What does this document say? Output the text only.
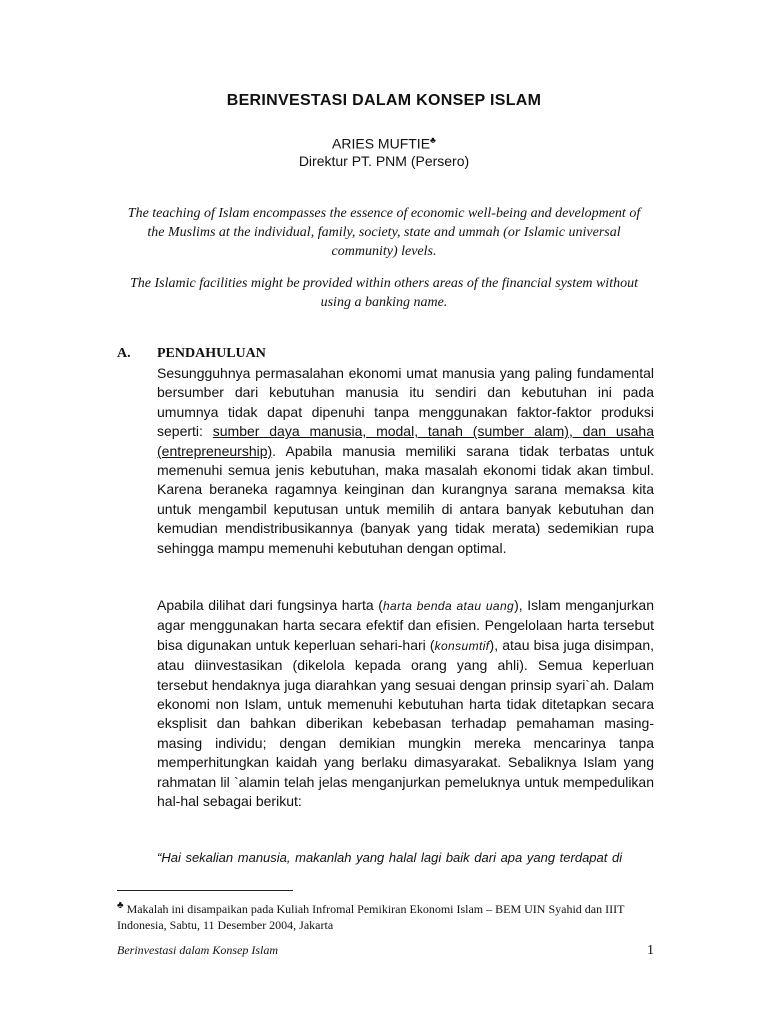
BERINVESTASI DALAM KONSEP ISLAM
ARIES MUFTIE♣
Direktur PT. PNM (Persero)
The teaching of Islam encompasses the essence of economic well-being and development of the Muslims at the individual, family, society, state and ummah (or Islamic universal community) levels.
The Islamic facilities might be provided within others areas of the financial system without using a banking name.
A. PENDAHULUAN
Sesungguhnya permasalahan ekonomi umat manusia yang paling fundamental bersumber dari kebutuhan manusia itu sendiri dan kebutuhan ini pada umumnya tidak dapat dipenuhi tanpa menggunakan faktor-faktor produksi seperti: sumber daya manusia, modal, tanah (sumber alam), dan usaha (entrepreneurship). Apabila manusia memiliki sarana tidak terbatas untuk memenuhi semua jenis kebutuhan, maka masalah ekonomi tidak akan timbul. Karena beraneka ragamnya keinginan dan kurangnya sarana memaksa kita untuk mengambil keputusan untuk memilih di antara banyak kebutuhan dan kemudian mendistribusikannya (banyak yang tidak merata) sedemikian rupa sehingga mampu memenuhi kebutuhan dengan optimal.
Apabila dilihat dari fungsinya harta (harta benda atau uang), Islam menganjurkan agar menggunakan harta secara efektif dan efisien. Pengelolaan harta tersebut bisa digunakan untuk keperluan sehari-hari (konsumtif), atau bisa juga disimpan, atau diinvestasikan (dikelola kepada orang yang ahli). Semua keperluan tersebut hendaknya juga diarahkan yang sesuai dengan prinsip syari`ah. Dalam ekonomi non Islam, untuk memenuhi kebutuhan harta tidak ditetapkan secara eksplisit dan bahkan diberikan kebebasan terhadap pemahaman masing-masing individu; dengan demikian mungkin mereka mencarinya tanpa memperhitungkan kaidah yang berlaku dimasyarakat. Sebaliknya Islam yang rahmatan lil `alamin telah jelas menganjurkan pemeluknya untuk mempedulikan hal-hal sebagai berikut:
“Hai sekalian manusia, makanlah yang halal lagi baik dari apa yang terdapat di
♣ Makalah ini disampaikan pada Kuliah Infromal Pemikiran Ekonomi Islam – BEM UIN Syahid dan IIIT Indonesia, Sabtu, 11 Desember 2004, Jakarta
Berinvestasi dalam Konsep Islam	1
